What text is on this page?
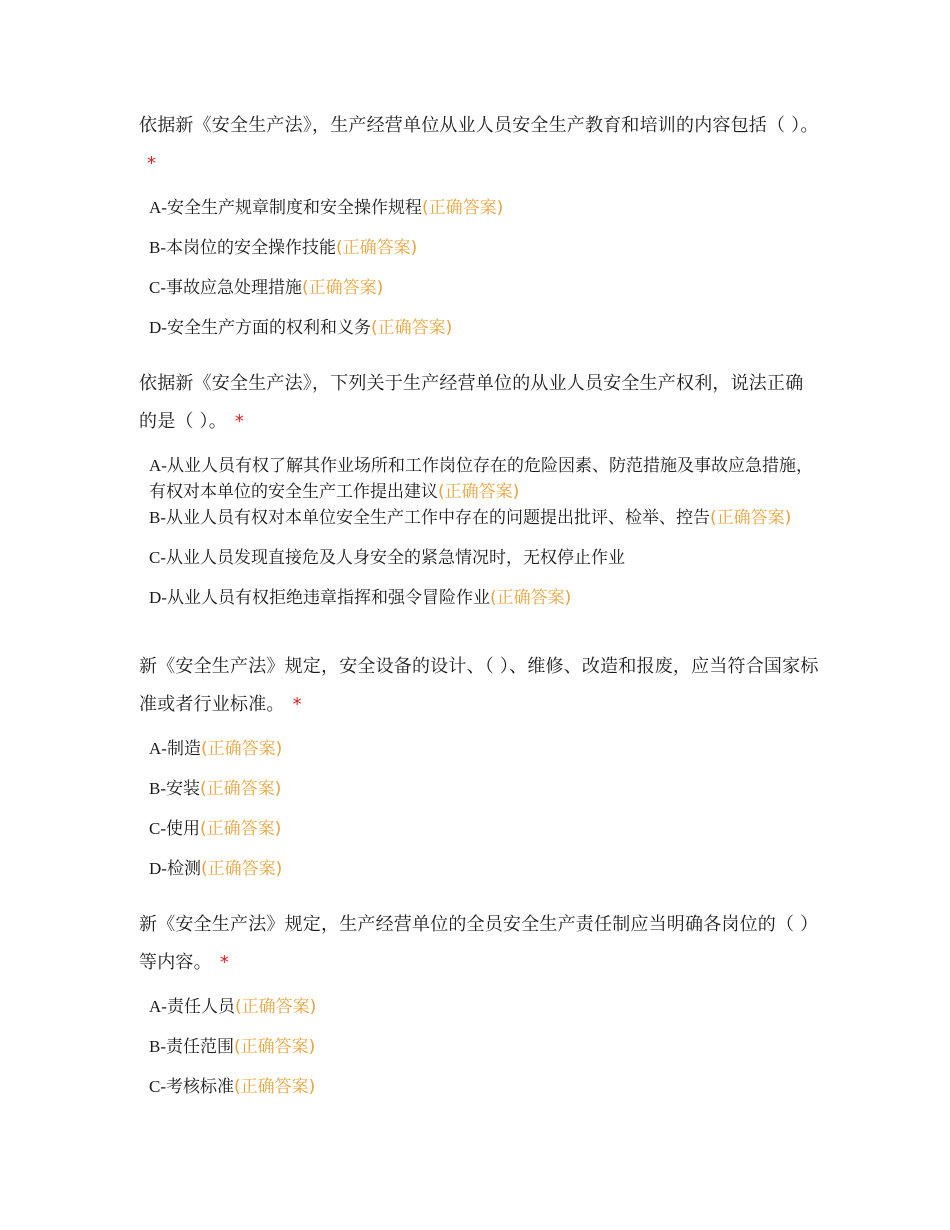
依据新《安全生产法》，生产经营单位从业人员安全生产教育和培训的内容包括（ ）。*

A-安全生产规章制度和安全操作规程(正确答案)
B-本岗位的安全操作技能(正确答案)
C-事故应急处理措施(正确答案)
D-安全生产方面的权利和义务(正确答案)

依据新《安全生产法》，下列关于生产经营单位的从业人员安全生产权利，说法正确的是（ ）。 *

A-从业人员有权了解其作业场所和工作岗位存在的危险因素、防范措施及事故应急措施，有权对本单位的安全生产工作提出建议(正确答案)
B-从业人员有权对本单位安全生产工作中存在的问题提出批评、检举、控告(正确答案)
C-从业人员发现直接危及人身安全的紧急情况时，无权停止作业
D-从业人员有权拒绝违章指挥和强令冒险作业(正确答案)

新《安全生产法》规定，安全设备的设计、（ ）、维修、改造和报废，应当符合国家标准或者行业标准。 *

A-制造(正确答案)
B-安装(正确答案)
C-使用(正确答案)
D-检测(正确答案)

新《安全生产法》规定，生产经营单位的全员安全生产责任制应当明确各岗位的（ ）等内容。 *

A-责任人员(正确答案)
B-责任范围(正确答案)
C-考核标准(正确答案)
